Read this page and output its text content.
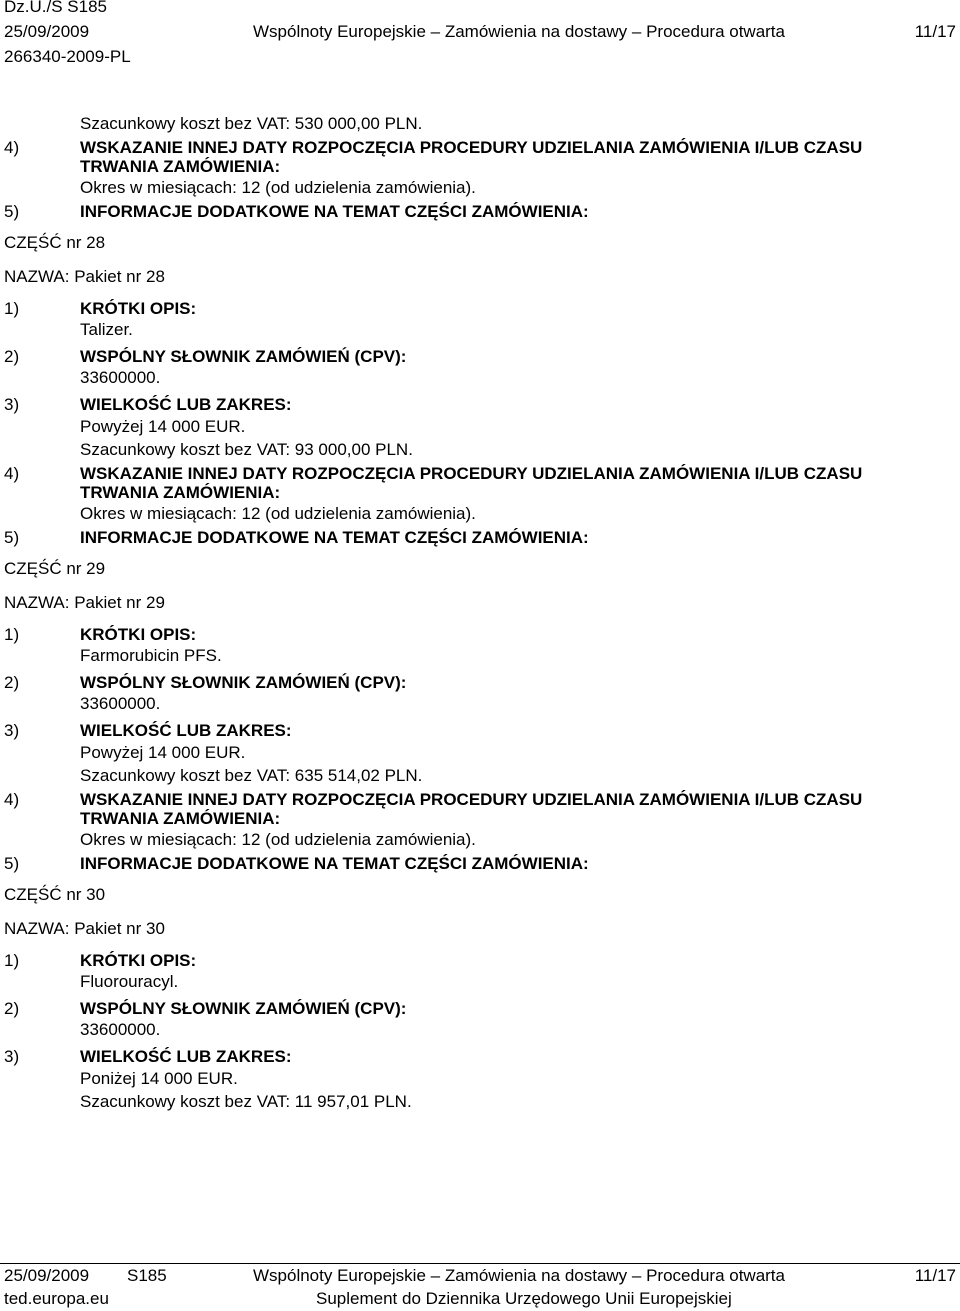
Dz.U./S S185
25/09/2009	Wspólnoty Europejskie – Zamówienia na dostawy – Procedura otwarta	11/17
266340-2009-PL
Szacunkowy koszt bez VAT: 530 000,00 PLN.
4)	WSKAZANIE INNEJ DATY ROZPOCZĘCIA PROCEDURY UDZIELANIA ZAMÓWIENIA I/LUB CZASU
TRWANIA ZAMÓWIENIA:
Okres w miesiącach: 12 (od udzielenia zamówienia).
5)	INFORMACJE DODATKOWE NA TEMAT CZĘŚCI ZAMÓWIENIA:
CZĘŚĆ nr 28
NAZWA: Pakiet nr 28
1)	KRÓTKI OPIS:
Talizer.
2)	WSPÓLNY SŁOWNIK ZAMÓWIEŃ (CPV):
33600000.
3)	WIELKOŚĆ LUB ZAKRES:
Powyżej 14 000 EUR.
Szacunkowy koszt bez VAT: 93 000,00 PLN.
4)	WSKAZANIE INNEJ DATY ROZPOCZĘCIA PROCEDURY UDZIELANIA ZAMÓWIENIA I/LUB CZASU
TRWANIA ZAMÓWIENIA:
Okres w miesiącach: 12 (od udzielenia zamówienia).
5)	INFORMACJE DODATKOWE NA TEMAT CZĘŚCI ZAMÓWIENIA:
CZĘŚĆ nr 29
NAZWA: Pakiet nr 29
1)	KRÓTKI OPIS:
Farmorubicin PFS.
2)	WSPÓLNY SŁOWNIK ZAMÓWIEŃ (CPV):
33600000.
3)	WIELKOŚĆ LUB ZAKRES:
Powyżej 14 000 EUR.
Szacunkowy koszt bez VAT: 635 514,02 PLN.
4)	WSKAZANIE INNEJ DATY ROZPOCZĘCIA PROCEDURY UDZIELANIA ZAMÓWIENIA I/LUB CZASU
TRWANIA ZAMÓWIENIA:
Okres w miesiącach: 12 (od udzielenia zamówienia).
5)	INFORMACJE DODATKOWE NA TEMAT CZĘŚCI ZAMÓWIENIA:
CZĘŚĆ nr 30
NAZWA: Pakiet nr 30
1)	KRÓTKI OPIS:
Fluorouracyl.
2)	WSPÓLNY SŁOWNIK ZAMÓWIEŃ (CPV):
33600000.
3)	WIELKOŚĆ LUB ZAKRES:
Poniżej 14 000 EUR.
Szacunkowy koszt bez VAT: 11 957,01 PLN.
25/09/2009 S185	Wspólnoty Europejskie – Zamówienia na dostawy – Procedura otwarta	11/17
ted.europa.eu	Suplement do Dziennika Urzędowego Unii Europejskiej
